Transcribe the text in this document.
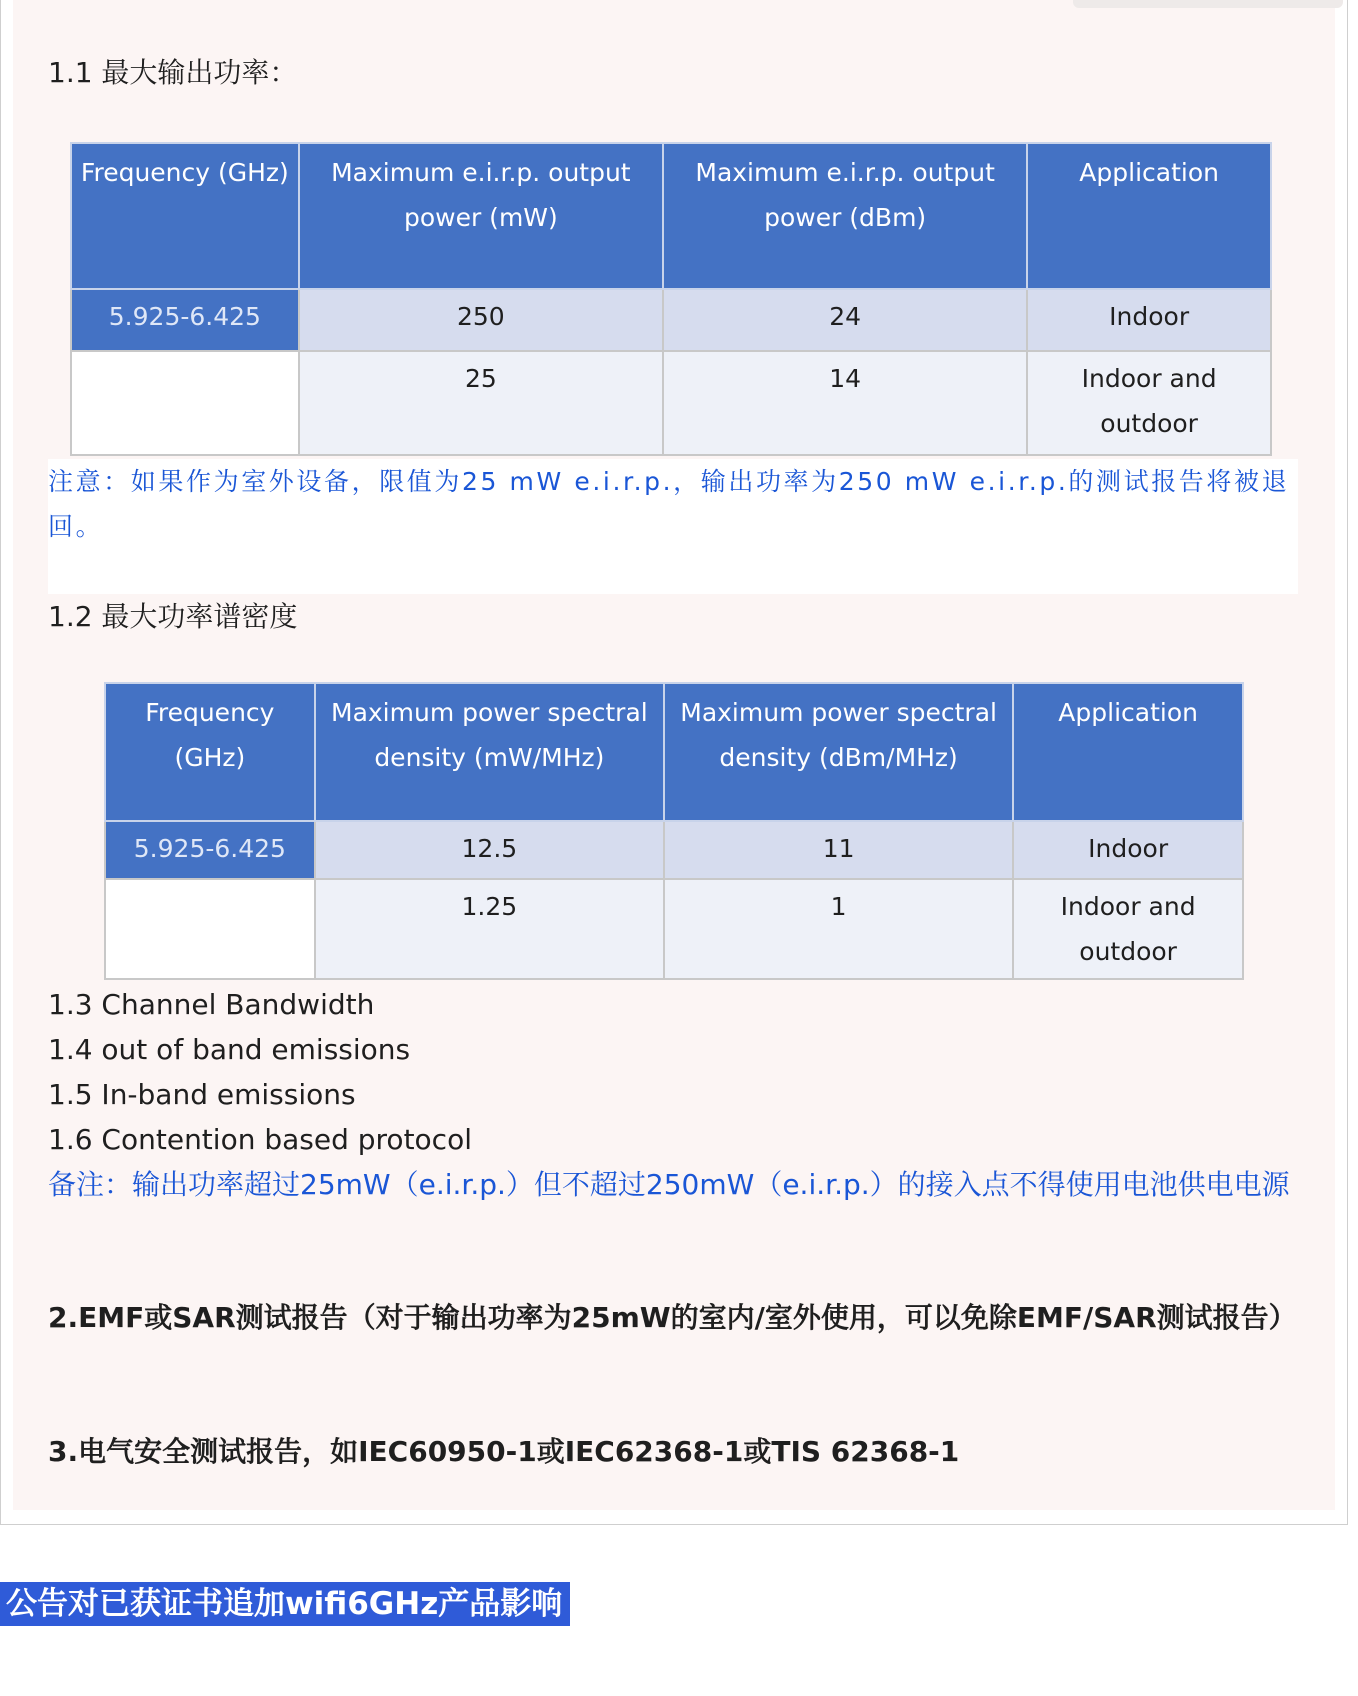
1.1 最大输出功率：

Frequency (GHz)	Maximum e.i.r.p. output power (mW)	Maximum e.i.r.p. output power (dBm)	Application
5.925-6.425	250	24	Indoor
	25	14	Indoor and outdoor

注意：如果作为室外设备，限值为25 mW e.i.r.p.，输出功率为250 mW e.i.r.p.的测试报告将被退回。

1.2 最大功率谱密度

Frequency (GHz)	Maximum power spectral density (mW/MHz)	Maximum power spectral density (dBm/MHz)	Application
5.925-6.425	12.5	11	Indoor
	1.25	1	Indoor and outdoor

1.3 Channel Bandwidth

1.4 out of band emissions

1.5 In-band emissions

1.6 Contention based protocol

备注：输出功率超过25mW（e.i.r.p.）但不超过250mW（e.i.r.p.）的接入点不得使用电池供电电源

2.EMF或SAR测试报告（对于输出功率为25mW的室内/室外使用，可以免除EMF/SAR测试报告）

3.电气安全测试报告，如IEC60950-1或IEC62368-1或TIS 62368-1

公告对已获证书追加wifi6GHz产品影响
